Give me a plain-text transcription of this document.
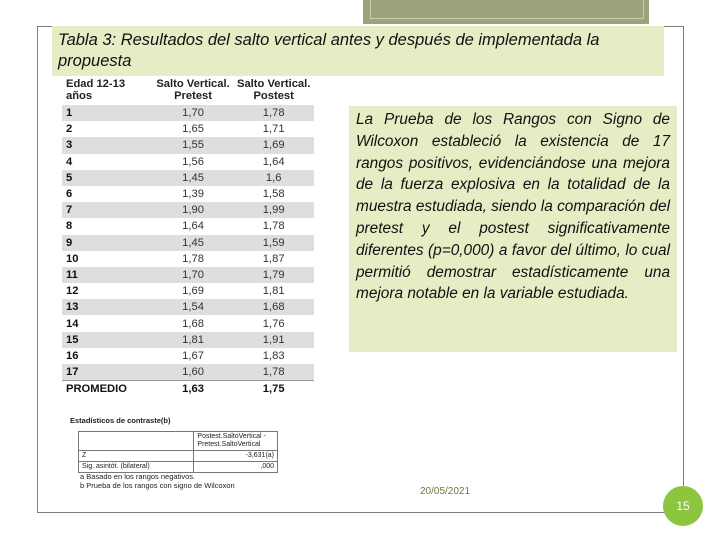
Tabla 3: Resultados del salto vertical antes y después de implementada la propuesta
Edad 12-13 años	Salto Vertical. Pretest	Salto Vertical. Postest
1	1,70	1,78
2	1,65	1,71
3	1,55	1,69
4	1,56	1,64
5	1,45	1,6
6	1,39	1,58
7	1,90	1,99
8	1,64	1,78
9	1,45	1,59
10	1,78	1,87
11	1,70	1,79
12	1,69	1,81
13	1,54	1,68
14	1,68	1,76
15	1,81	1,91
16	1,67	1,83
17	1,60	1,78
PROMEDIO	1,63	1,75
Estadísticos de contraste(b)
	Postest.SaltoVertical - Pretest.SaltoVertical
Z	-3,631(a)
Sig. asintót. (bilateral)	,000
a Basado en los rangos negativos.
b Prueba de los rangos con signo de Wilcoxon
La Prueba de los Rangos con Signo de Wilcoxon estableció la existencia de 17 rangos positivos, evidenciándose una mejora de la fuerza explosiva en la totalidad de la muestra estudiada, siendo la comparación del pretest y el postest significativamente diferentes (p=0,000) a favor del último, lo cual permitió demostrar estadísticamente una mejora notable en la variable estudiada.
20/05/2021
15
